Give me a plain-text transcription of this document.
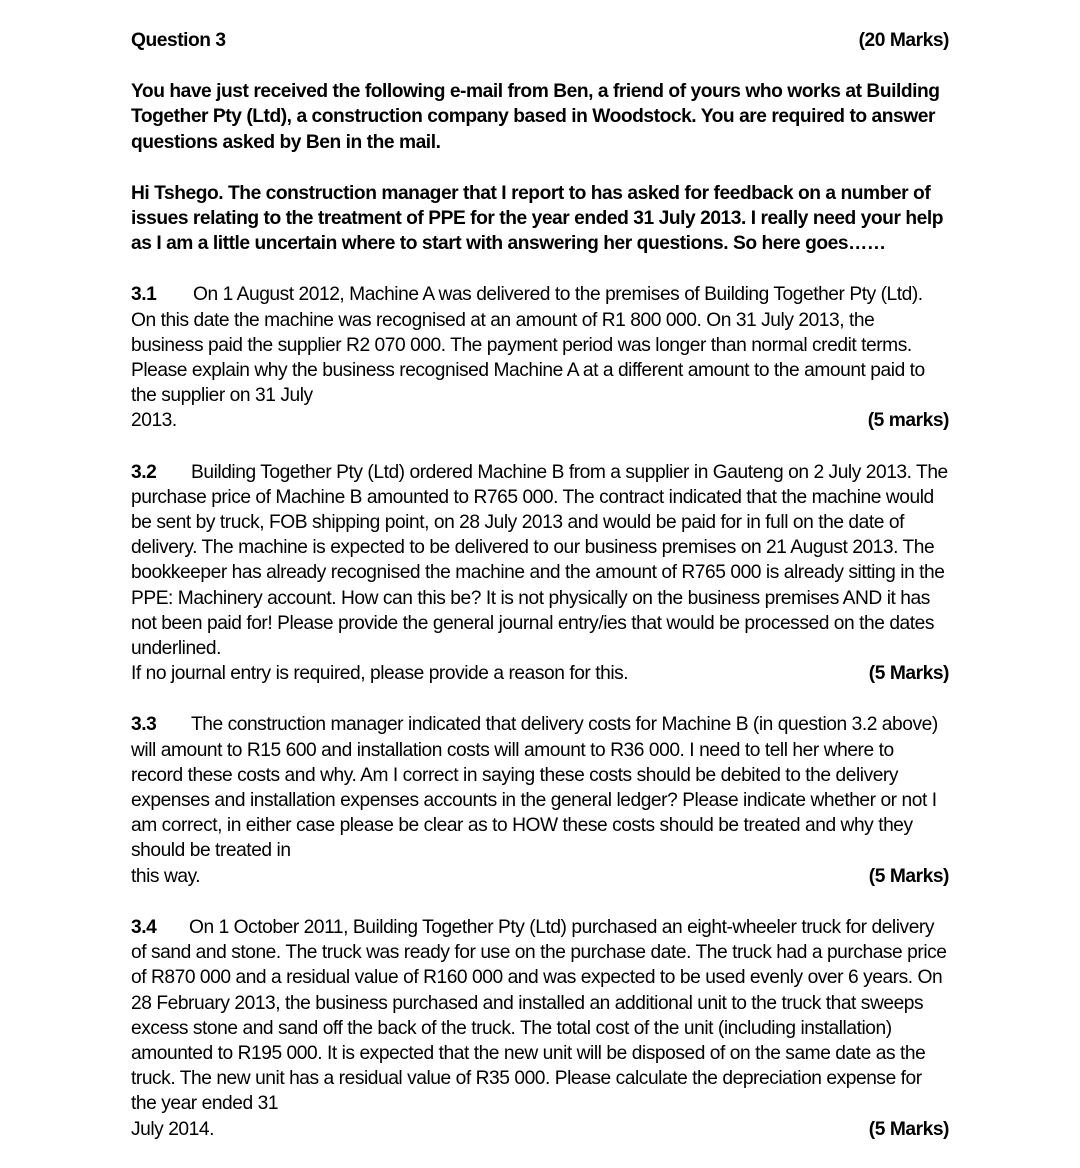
Question 3	(20 Marks)

You have just received the following e-mail from Ben, a friend of yours who works at Building Together Pty (Ltd), a construction company based in Woodstock. You are required to answer questions asked by Ben in the mail.

Hi Tshego. The construction manager that I report to has asked for feedback on a number of issues relating to the treatment of PPE for the year ended 31 July 2013. I really need your help as I am a little uncertain where to start with answering her questions. So here goes……

3.1 On 1 August 2012, Machine A was delivered to the premises of Building Together Pty (Ltd). On this date the machine was recognised at an amount of R1 800 000. On 31 July 2013, the business paid the supplier R2 070 000. The payment period was longer than normal credit terms. Please explain why the business recognised Machine A at a different amount to the amount paid to the supplier on 31 July
2013.	(5 marks)
3.2 Building Together Pty (Ltd) ordered Machine B from a supplier in Gauteng on 2 July 2013. The purchase price of Machine B amounted to R765 000. The contract indicated that the machine would be sent by truck, FOB shipping point, on 28 July 2013 and would be paid for in full on the date of delivery. The machine is expected to be delivered to our business premises on 21 August 2013. The bookkeeper has already recognised the machine and the amount of R765 000 is already sitting in the PPE: Machinery account. How can this be? It is not physically on the business premises AND it has not been paid for! Please provide the general journal entry/ies that would be processed on the dates underlined.
If no journal entry is required, please provide a reason for this.	(5 Marks)
3.3 The construction manager indicated that delivery costs for Machine B (in question 3.2 above) will amount to R15 600 and installation costs will amount to R36 000. I need to tell her where to record these costs and why. Am I correct in saying these costs should be debited to the delivery expenses and installation expenses accounts in the general ledger? Please indicate whether or not I am correct, in either case please be clear as to HOW these costs should be treated and why they should be treated in
this way.	(5 Marks)
3.4 On 1 October 2011, Building Together Pty (Ltd) purchased an eight-wheeler truck for delivery of sand and stone. The truck was ready for use on the purchase date. The truck had a purchase price of R870 000 and a residual value of R160 000 and was expected to be used evenly over 6 years. On 28 February 2013, the business purchased and installed an additional unit to the truck that sweeps excess stone and sand off the back of the truck. The total cost of the unit (including installation) amounted to R195 000. It is expected that the new unit will be disposed of on the same date as the truck. The new unit has a residual value of R35 000. Please calculate the depreciation expense for the year ended 31
July 2014.	(5 Marks)
